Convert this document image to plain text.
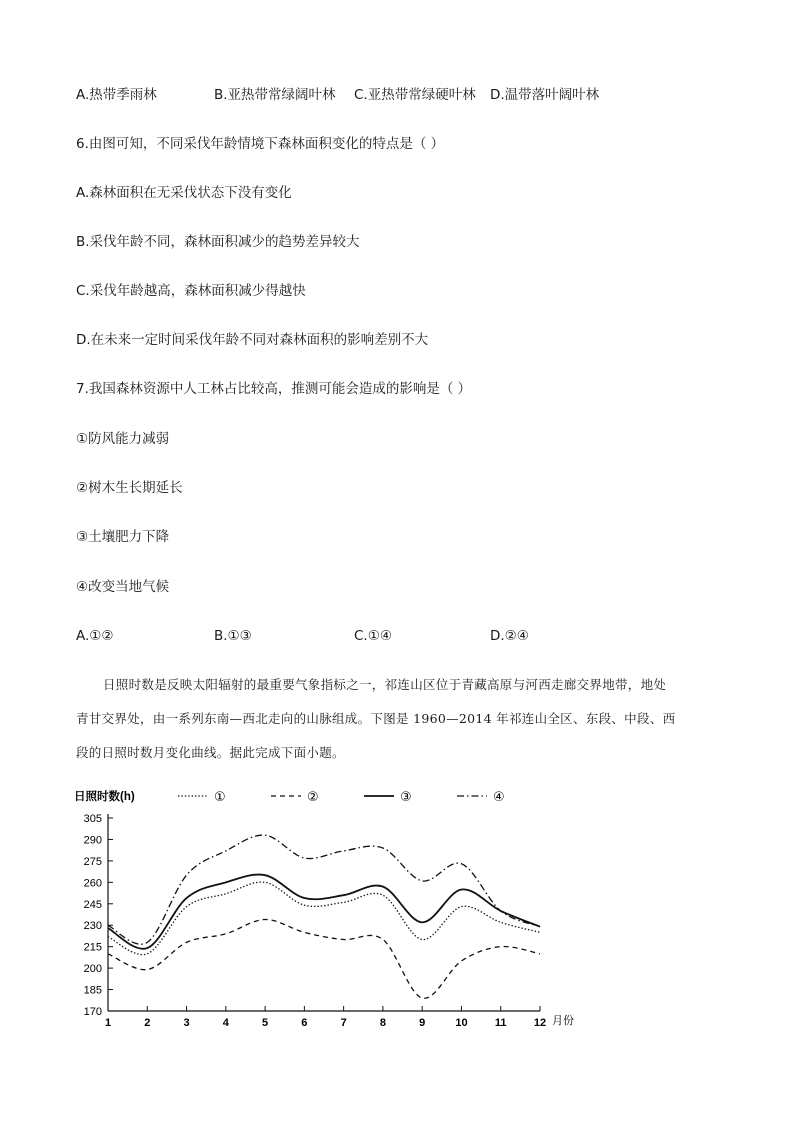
A.热带季雨林	B.亚热带常绿阔叶林 C.亚热带常绿硬叶林 D.温带落叶阔叶林
6.由图可知，不同采伐年龄情境下森林面积变化的特点是（ ）
A.森林面积在无采伐状态下没有变化
B.采伐年龄不同，森林面积减少的趋势差异较大
C.采伐年龄越高，森林面积减少得越快
D.在未来一定时间采伐年龄不同对森林面积的影响差别不大
7.我国森林资源中人工林占比较高，推测可能会造成的影响是（ ）
①防风能力减弱
②树木生长期延长
③土壤肥力下降
④改变当地气候
A.①②	B.①③	C.①④	D.②④

日照时数是反映太阳辐射的最重要气象指标之一，祁连山区位于青藏高原与河西走廊交界地带，地处

青甘交界处，由一系列东南—西北走向的山脉组成。下图是 1960—2014 年祁连山全区、东段、中段、西

段的日照时数月变化曲线。据此完成下面小题。

日照时数(h)	①	②	③	④
170
185
200
215
230
245
260
275
290
305
1	2	3	4	5	6	7	8	9	10 11 12 月份
